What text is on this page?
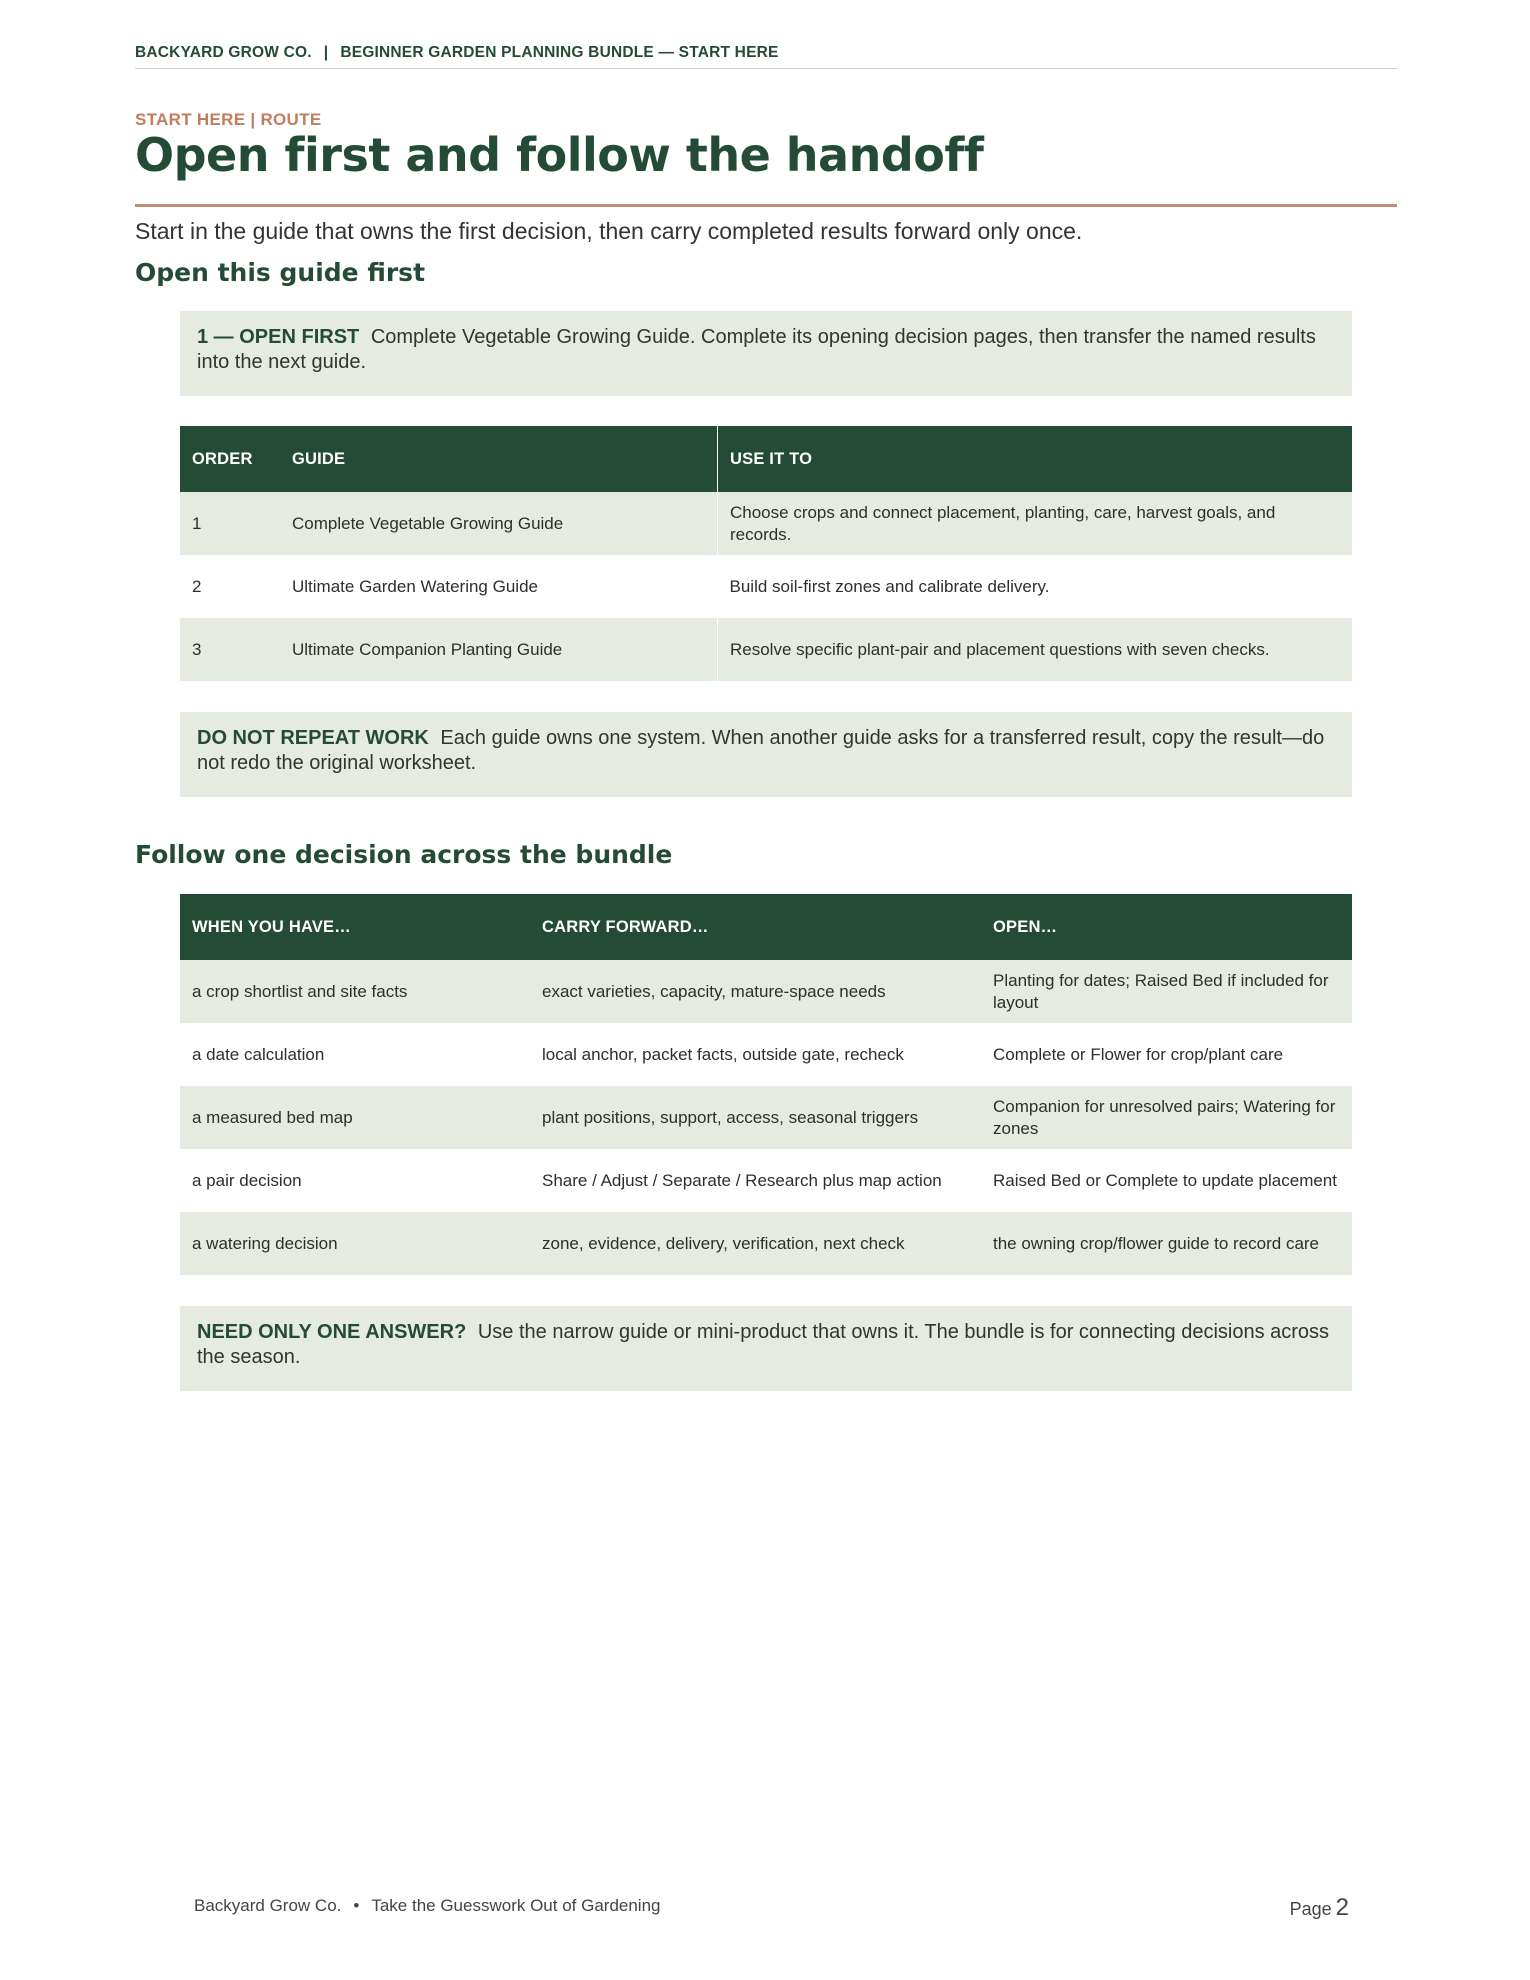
BACKYARD GROW CO. | BEGINNER GARDEN PLANNING BUNDLE — START HERE
START HERE | ROUTE
Open first and follow the handoff
Start in the guide that owns the first decision, then carry completed results forward only once.
Open this guide first
1 — OPEN FIRST Complete Vegetable Growing Guide. Complete its opening decision pages, then transfer the named results into the next guide.
ORDER	GUIDE	USE IT TO
1	Complete Vegetable Growing Guide	Choose crops and connect placement, planting, care, harvest goals, and records.
2	Ultimate Garden Watering Guide	Build soil-first zones and calibrate delivery.
3	Ultimate Companion Planting Guide	Resolve specific plant-pair and placement questions with seven checks.
DO NOT REPEAT WORK Each guide owns one system. When another guide asks for a transferred result, copy the result—do not redo the original worksheet.
Follow one decision across the bundle
WHEN YOU HAVE…	CARRY FORWARD…	OPEN…
a crop shortlist and site facts	exact varieties, capacity, mature-space needs	Planting for dates; Raised Bed if included for layout
a date calculation	local anchor, packet facts, outside gate, recheck	Complete or Flower for crop/plant care
a measured bed map	plant positions, support, access, seasonal triggers	Companion for unresolved pairs; Watering for zones
a pair decision	Share / Adjust / Separate / Research plus map action	Raised Bed or Complete to update placement
a watering decision	zone, evidence, delivery, verification, next check	the owning crop/flower guide to record care
NEED ONLY ONE ANSWER? Use the narrow guide or mini-product that owns it. The bundle is for connecting decisions across the season.
Backyard Grow Co. • Take the Guesswork Out of Gardening	Page 2
